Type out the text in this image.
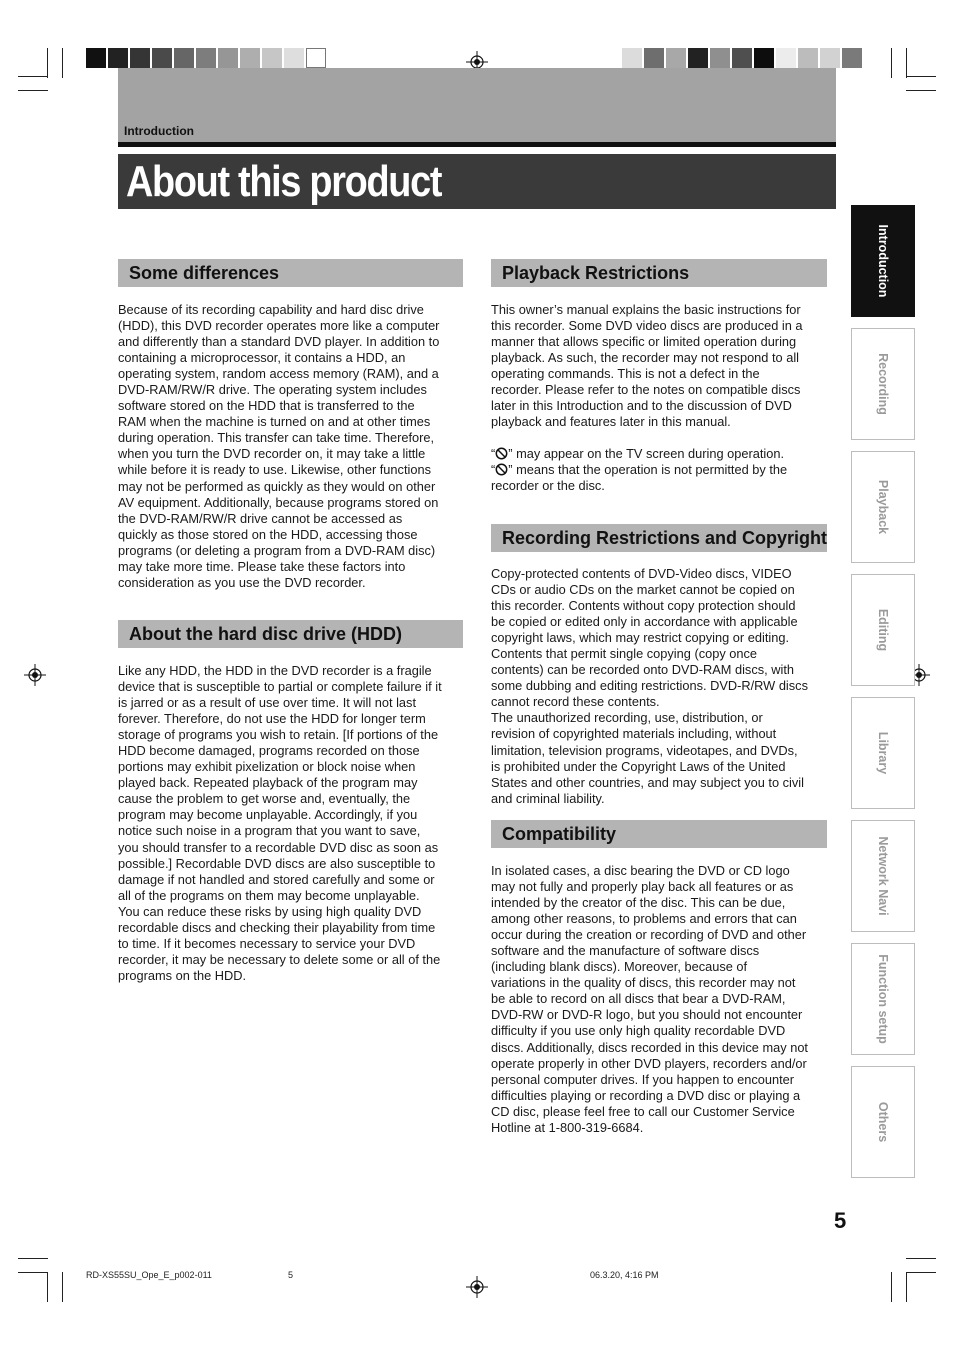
Introduction
About this product
Some differences
Because of its recording capability and hard disc drive
(HDD), this DVD recorder operates more like a computer
and differently than a standard DVD player. In addition to
containing a microprocessor, it contains a HDD, an
operating system, random access memory (RAM), and a
DVD-RAM/RW/R drive. The operating system includes
software stored on the HDD that is transferred to the
RAM when the machine is turned on and at other times
during operation. This transfer can take time. Therefore,
when you turn the DVD recorder on, it may take a little
while before it is ready to use. Likewise, other functions
may not be performed as quickly as they would on other
AV equipment. Additionally, because programs stored on
the DVD-RAM/RW/R drive cannot be accessed as
quickly as those stored on the HDD, accessing those
programs (or deleting a program from a DVD-RAM disc)
may take more time. Please take these factors into
consideration as you use the DVD recorder.
About the hard disc drive (HDD)
Like any HDD, the HDD in the DVD recorder is a fragile
device that is susceptible to partial or complete failure if it
is jarred or as a result of use over time. It will not last
forever. Therefore, do not use the HDD for longer term
storage of programs you wish to retain. [If portions of the
HDD become damaged, programs recorded on those
portions may exhibit pixelization or block noise when
played back. Repeated playback of the program may
cause the problem to get worse and, eventually, the
program may become unplayable. Accordingly, if you
notice such noise in a program that you want to save,
you should transfer to a recordable DVD disc as soon as
possible.] Recordable DVD discs are also susceptible to
damage if not handled and stored carefully and some or
all of the programs on them may become unplayable.
You can reduce these risks by using high quality DVD
recordable discs and checking their playability from time
to time. If it becomes necessary to service your DVD
recorder, it may be necessary to delete some or all of the
programs on the HDD.
Playback Restrictions
This owner’s manual explains the basic instructions for
this recorder. Some DVD video discs are produced in a
manner that allows specific or limited operation during
playback. As such, the recorder may not respond to all
operating commands. This is not a defect in the
recorder. Please refer to the notes on compatible discs
later in this Introduction and to the discussion of DVD
playback and features later in this manual.
“ ” may appear on the TV screen during operation.
“ ” means that the operation is not permitted by the
recorder or the disc.
Recording Restrictions and Copyright
Copy-protected contents of DVD-Video discs, VIDEO
CDs or audio CDs on the market cannot be copied on
this recorder. Contents without copy protection should
be copied or edited only in accordance with applicable
copyright laws, which may restrict copying or editing.
Contents that permit single copying (copy once
contents) can be recorded onto DVD-RAM discs, with
some dubbing and editing restrictions. DVD-R/RW discs
cannot record these contents.
The unauthorized recording, use, distribution, or
revision of copyrighted materials including, without
limitation, television programs, videotapes, and DVDs,
is prohibited under the Copyright Laws of the United
States and other countries, and may subject you to civil
and criminal liability.
Compatibility
In isolated cases, a disc bearing the DVD or CD logo
may not fully and properly play back all features or as
intended by the creator of the disc. This can be due,
among other reasons, to problems and errors that can
occur during the creation or recording of DVD and other
software and the manufacture of software discs
(including blank discs). Moreover, because of
variations in the quality of discs, this recorder may not
be able to record on all discs that bear a DVD-RAM,
DVD-RW or DVD-R logo, but you should not encounter
difficulty if you use only high quality recordable DVD
discs. Additionally, discs recorded in this device may not
operate properly in other DVD players, recorders and/or
personal computer drives. If you happen to encounter
difficulties playing or recording a DVD disc or playing a
CD disc, please feel free to call our Customer Service
Hotline at 1-800-319-6684.
Introduction
Recording
Playback
Editing
Library
Network Navi
Function setup
Others
5
RD-XS55SU_Ope_E_p002-011	5	06.3.20, 4:16 PM
